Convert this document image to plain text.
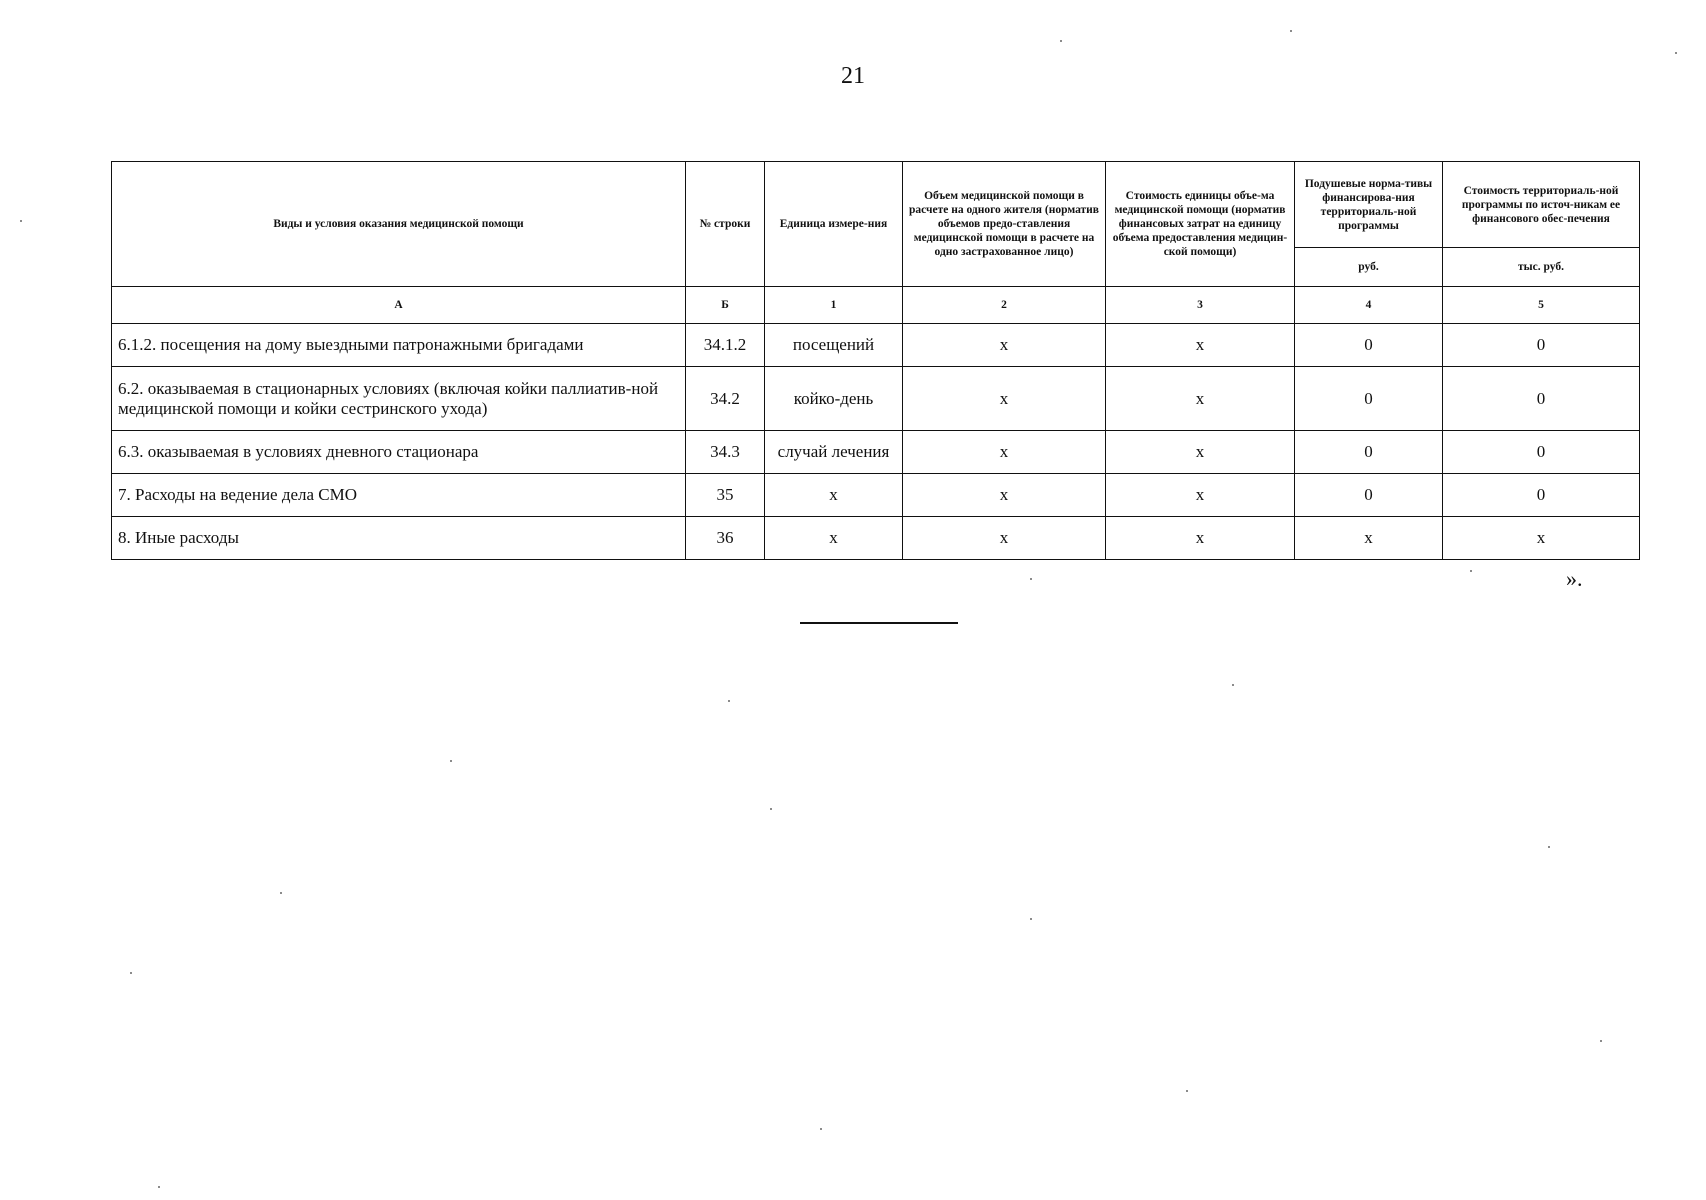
21
Виды и условия оказания медицинской помощи	№ строки	Единица измере-ния	Объем медицинской помощи в расчете на одного жителя (норматив объемов предо-ставления медицинской помощи в расчете на одно застрахованное лицо)	Стоимость единицы объе-ма медицинской помощи (норматив финансовых затрат на единицу объема предоставления медицин-ской помощи)	Подушевые норма-тивы финансирова-ния территориаль-ной программы	Стоимость территориаль-ной программы по источ-никам ее финансового обес-печения
					руб.	тыс. руб.
А	Б	1	2	3	4	5
6.1.2. посещения на дому выездными патронажными бригадами	34.1.2	посещений	х	х	0	0
6.2. оказываемая в стационарных условиях (включая койки паллиатив-ной медицинской помощи и койки сестринского ухода)	34.2	койко-день	х	х	0	0
6.3. оказываемая в условиях дневного стационара	34.3	случай лечения	х	х	0	0
7. Расходы на ведение дела СМО	35	х	х	х	0	0
8. Иные расходы	36	х	х	х	х	х
».
